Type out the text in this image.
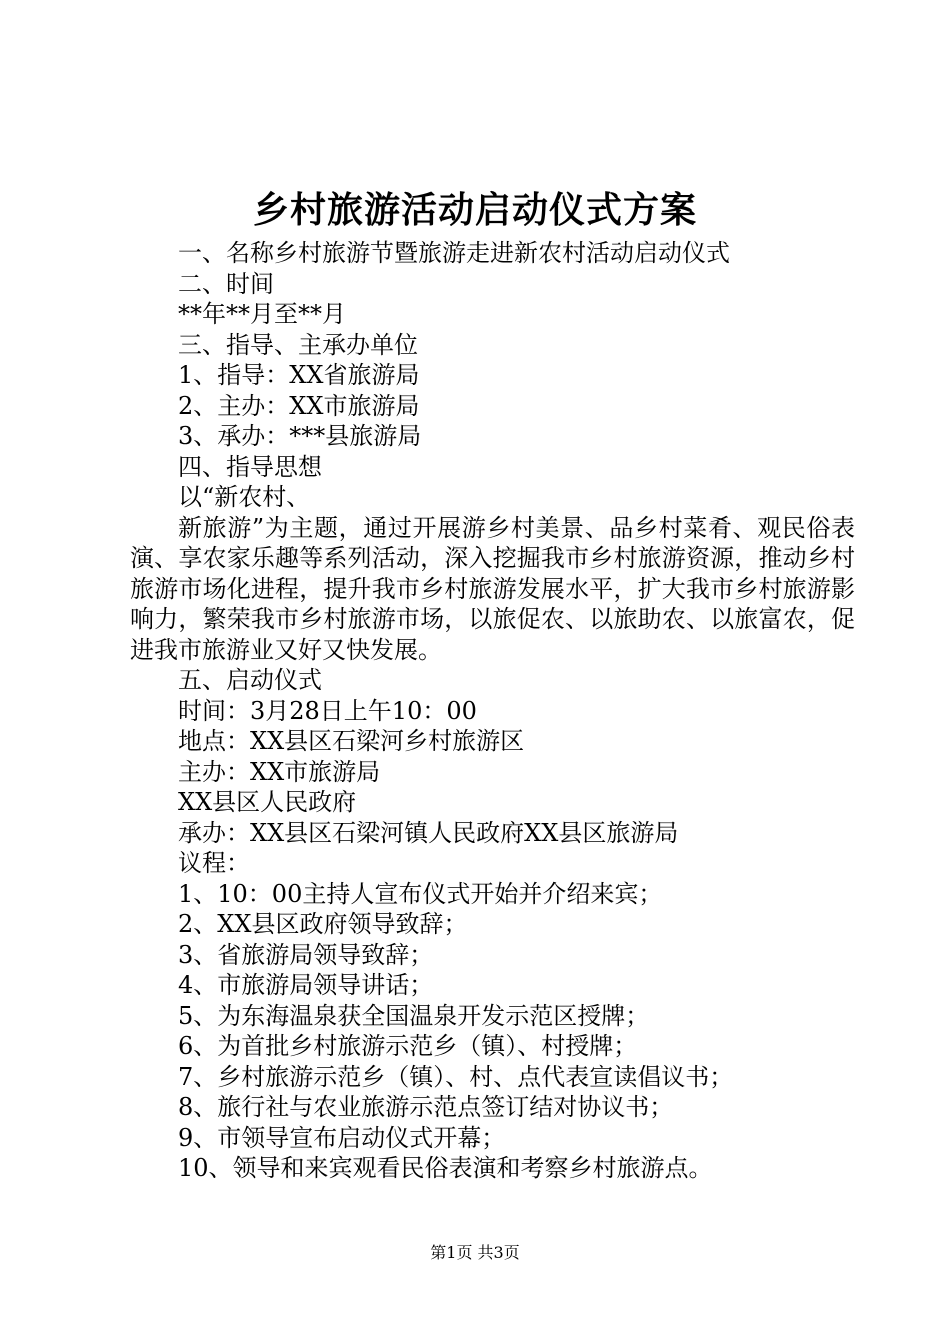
乡村旅游活动启动仪式方案
一、名称乡村旅游节暨旅游走进新农村活动启动仪式
二、时间
**年**月至**月
三、指导、主承办单位
1、指导：XX省旅游局
2、主办：XX市旅游局
3、承办：***县旅游局
四、指导思想
以“新农村、

新旅游”为主题，通过开展游乡村美景、品乡村菜肴、观民俗表演、享农家乐趣等系列活动，深入挖掘我市乡村旅游资源，推动乡村旅游市场化进程，提升我市乡村旅游发展水平，扩大我市乡村旅游影响力，繁荣我市乡村旅游市场，以旅促农、以旅助农、以旅富农，促进我市旅游业又好又快发展。

五、启动仪式
时间：3月28日上午10：00
地点：XX县区石梁河乡村旅游区
主办：XX市旅游局
XX县区人民政府
承办：XX县区石梁河镇人民政府XX县区旅游局
议程：
1、10：00主持人宣布仪式开始并介绍来宾；
2、XX县区政府领导致辞；
3、省旅游局领导致辞；
4、市旅游局领导讲话；
5、为东海温泉获全国温泉开发示范区授牌；
6、为首批乡村旅游示范乡（镇）、村授牌；
7、乡村旅游示范乡（镇）、村、点代表宣读倡议书；
8、旅行社与农业旅游示范点签订结对协议书；
9、市领导宣布启动仪式开幕；
10、领导和来宾观看民俗表演和考察乡村旅游点。
第1页 共3页
